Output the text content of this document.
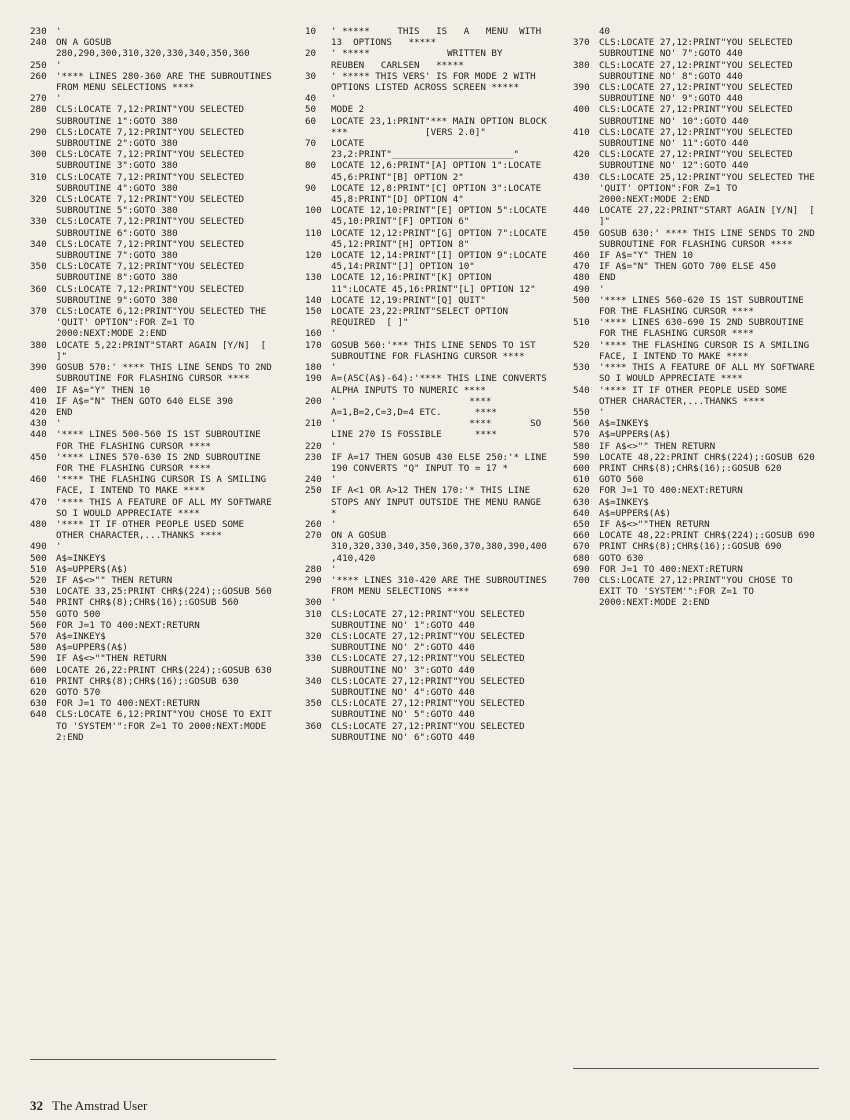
230	'
240	ON A GOSUB 280,290,300,310,320,330,340,350,360
250	'
260	'**** LINES 280-360 ARE THE SUBROUTINES FROM MENU SELECTIONS ****
270	'
280	CLS:LOCATE 7,12:PRINT"YOU SELECTED SUBROUTINE 1":GOTO 380
290	CLS:LOCATE 7,12:PRINT"YOU SELECTED SUBROUTINE 2":GOTO 380
300	CLS:LOCATE 7,12:PRINT"YOU SELECTED SUBROUTINE 3":GOTO 380
310	CLS:LOCATE 7,12:PRINT"YOU SELECTED SUBROUTINE 4":GOTO 380
320	CLS:LOCATE 7,12:PRINT"YOU SELECTED SUBROUTINE 5":GOTO 380
330	CLS:LOCATE 7,12:PRINT"YOU SELECTED SUBROUTINE 6":GOTO 380
340	CLS:LOCATE 7,12:PRINT"YOU SELECTED SUBROUTINE 7":GOTO 380
350	CLS:LOCATE 7,12:PRINT"YOU SELECTED SUBROUTINE 8":GOTO 380
360	CLS:LOCATE 7,12:PRINT"YOU SELECTED SUBROUTINE 9":GOTO 380
370	CLS:LOCATE 6,12:PRINT"YOU SELECTED THE 'QUIT' OPTION":FOR Z=1 TO 2000:NEXT:MODE 2:END
380	LOCATE 5,22:PRINT"START AGAIN [Y/N]  [ ]"
390	GOSUB 570:' **** THIS LINE SENDS TO 2ND SUBROUTINE FOR FLASHING CURSOR ****
400	IF A$="Y" THEN 10
410	IF A$="N" THEN GOTO 640 ELSE 390
420	END
430	'
440	'**** LINES 500-560 IS 1ST SUBROUTINE FOR THE FLASHING CURSOR ****
450	'**** LINES 570-630 IS 2ND SUBROUTINE FOR THE FLASHING CURSOR ****
460	'**** THE FLASHING CURSOR IS A SMILING FACE, I INTEND TO MAKE ****
470	'**** THIS A FEATURE OF ALL MY SOFTWARE SO I WOULD APPRECIATE ****
480	'**** IT IF OTHER PEOPLE USED SOME OTHER CHARACTER,...THANKS ****
490	'
500	A$=INKEY$
510	A$=UPPER$(A$)
520	IF A$<>"" THEN RETURN
530	LOCATE 33,25:PRINT CHR$(224);:GOSUB 560
540	PRINT CHR$(8);CHR$(16);:GOSUB 560
550	GOTO 500
560	FOR J=1 TO 400:NEXT:RETURN
570	A$=INKEY$
580	A$=UPPER$(A$)
590	IF A$<>""THEN RETURN
600	LOCATE 26,22:PRINT CHR$(224);:GOSUB 630
610	PRINT CHR$(8);CHR$(16);:GOSUB 630
620	GOTO 570
630	FOR J=1 TO 400:NEXT:RETURN
640	CLS:LOCATE 6,12:PRINT"YOU CHOSE TO EXIT TO 'SYSTEM'":FOR Z=1 TO 2000:NEXT:MODE 2:END
10	' *****     THIS   IS   A   MENU  WITH  13  OPTIONS   *****
20	' *****              WRITTEN BY   REUBEN   CARLSEN   *****
30	' ***** THIS VERS' IS FOR MODE 2 WITH OPTIONS LISTED ACROSS SCREEN *****
40	'
50	MODE 2
60	LOCATE 23,1:PRINT"*** MAIN OPTION BLOCK ***              [VERS 2.0]"
70	LOCATE 23,2:PRINT"______________________"
80	LOCATE 12,6:PRINT"[A] OPTION 1":LOCATE 45,6:PRINT"[B] OPTION 2"
90	LOCATE 12,8:PRINT"[C] OPTION 3":LOCATE 45,8:PRINT"[D] OPTION 4"
100	LOCATE 12,10:PRINT"[E] OPTION 5":LOCATE 45,10:PRINT"[F] OPTION 6"
110	LOCATE 12,12:PRINT"[G] OPTION 7":LOCATE 45,12:PRINT"[H] OPTION 8"
120	LOCATE 12,14:PRINT"[I] OPTION 9":LOCATE 45,14:PRINT"[J] OPTION 10"
130	LOCATE 12,16:PRINT"[K] OPTION 11":LOCATE 45,16:PRINT"[L] OPTION 12"
140	LOCATE 12,19:PRINT"[Q] QUIT"
150	LOCATE 23,22:PRINT"SELECT OPTION REQUIRED  [ ]"
160	'
170	GOSUB 560:'*** THIS LINE SENDS TO 1ST SUBROUTINE FOR FLASHING CURSOR ****
180	'
190	A=(ASC(A$)-64):'**** THIS LINE CONVERTS ALPHA INPUTS TO NUMERIC ****
200	'                        ****       A=1,B=2,C=3,D=4 ETC.      ****
210	'                        ****       SO LINE 270 IS FOSSIBLE      ****
220	'
230	IF A=17 THEN GOSUB 430 ELSE 250:'* LINE 190 CONVERTS "Q" INPUT TO = 17 *
240	'
250	IF A<1 OR A>12 THEN 170:'* THIS LINE STOPS ANY INPUT OUTSIDE THE MENU RANGE *
260	'
270	ON A GOSUB 310,320,330,340,350,360,370,380,390,400,410,420
280	'
290	'**** LINES 310-420 ARE THE SUBROUTINES FROM MENU SELECTIONS ****
300	'
310	CLS:LOCATE 27,12:PRINT"YOU SELECTED SUBROUTINE NO' 1":GOTO 440
320	CLS:LOCATE 27,12:PRINT"YOU SELECTED SUBROUTINE NO' 2":GOTO 440
330	CLS:LOCATE 27,12:PRINT"YOU SELECTED SUBROUTINE NO' 3":GOTO 440
340	CLS:LOCATE 27,12:PRINT"YOU SELECTED SUBROUTINE NO' 4":GOTO 440
350	CLS:LOCATE 27,12:PRINT"YOU SELECTED SUBROUTINE NO' 5":GOTO 440
360	CLS:LOCATE 27,12:PRINT"YOU SELECTED SUBROUTINE NO' 6":GOTO 440
40
370	CLS:LOCATE 27,12:PRINT"YOU SELECTED SUBROUTINE NO' 7":GOTO 440
380	CLS:LOCATE 27,12:PRINT"YOU SELECTED SUBROUTINE NO' 8":GOTO 440
390	CLS:LOCATE 27,12:PRINT"YOU SELECTED SUBROUTINE NO' 9":GOTO 440
400	CLS:LOCATE 27,12:PRINT"YOU SELECTED SUBROUTINE NO' 10":GOTO 440
410	CLS:LOCATE 27,12:PRINT"YOU SELECTED SUBROUTINE NO' 11":GOTO 440
420	CLS:LOCATE 27,12:PRINT"YOU SELECTED SUBROUTINE NO' 12":GOTO 440
430	CLS:LOCATE 25,12:PRINT"YOU SELECTED THE 'QUIT' OPTION":FOR Z=1 TO 2000:NEXT:MODE 2:END
440	LOCATE 27,22:PRINT"START AGAIN [Y/N]  [ ]"
450	GOSUB 630:' **** THIS LINE SENDS TO 2ND SUBROUTINE FOR FLASHING CURSOR ****
460	IF A$="Y" THEN 10
470	IF A$="N" THEN GOTO 700 ELSE 450
480	END
490	'
500	'**** LINES 560-620 IS 1ST SUBROUTINE FOR THE FLASHING CURSOR ****
510	'**** LINES 630-690 IS 2ND SUBROUTINE FOR THE FLASHING CURSOR ****
520	'**** THE FLASHING CURSOR IS A SMILING FACE, I INTEND TO MAKE ****
530	'**** THIS A FEATURE OF ALL MY SOFTWARE SO I WOULD APPRECIATE ****
540	'**** IT IF OTHER PEOPLE USED SOME OTHER CHARACTER,...THANKS ****
550	'
560	A$=INKEY$
570	A$=UPPER$(A$)
580	IF A$<>"" THEN RETURN
590	LOCATE 48,22:PRINT CHR$(224);:GOSUB 620
600	PRINT CHR$(8);CHR$(16);:GOSUB 620
610	GOTO 560
620	FOR J=1 TO 400:NEXT:RETURN
630	A$=INKEY$
640	A$=UPPER$(A$)
650	IF A$<>""THEN RETURN
660	LOCATE 48,22:PRINT CHR$(224);:GOSUB 690
670	PRINT CHR$(8);CHR$(16);:GOSUB 690
680	GOTO 630
690	FOR J=1 TO 400:NEXT:RETURN
700	CLS:LOCATE 27,12:PRINT"YOU CHOSE TO EXIT TO 'SYSTEM'":FOR Z=1 TO 2000:NEXT:MODE 2:END
32 The Amstrad User
